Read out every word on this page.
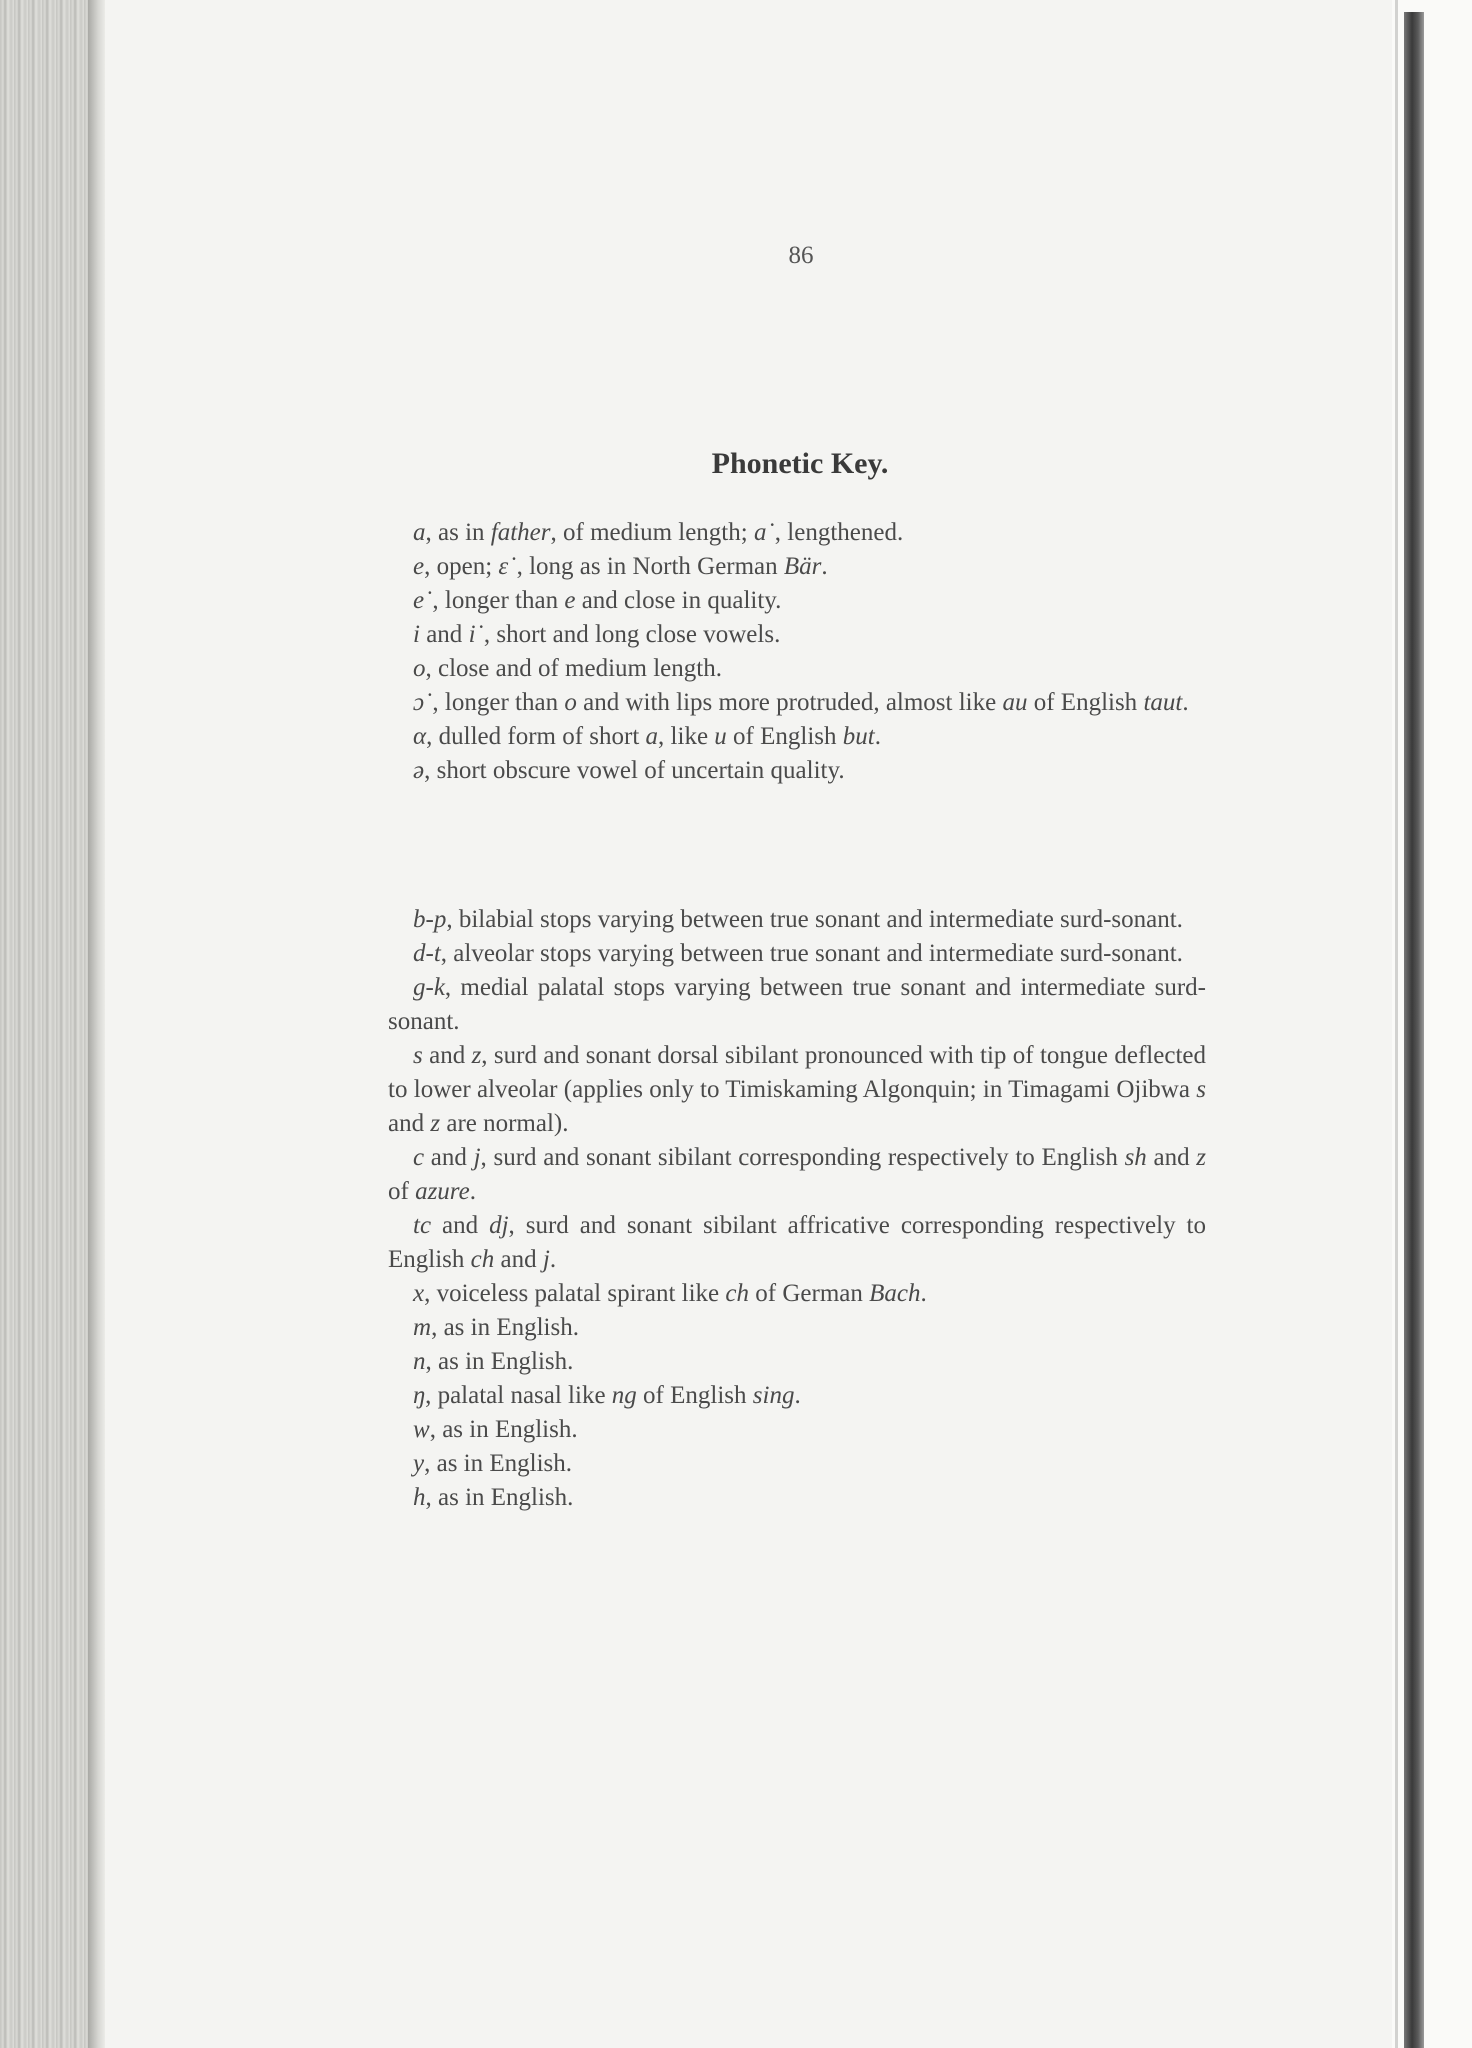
86
Phonetic Key.
a, as in father, of medium length; a˙, lengthened.
e, open; ɛ˙, long as in North German Bär.
e˙, longer than e and close in quality.
i and i˙, short and long close vowels.
o, close and of medium length.
ɔ˙, longer than o and with lips more protruded, almost like au of English taut.
α, dulled form of short a, like u of English but.
ə, short obscure vowel of uncertain quality.
b-p, bilabial stops varying between true sonant and intermediate surd-sonant.
d-t, alveolar stops varying between true sonant and intermediate surd-sonant.
g-k, medial palatal stops varying between true sonant and intermediate surd-sonant.
s and z, surd and sonant dorsal sibilant pronounced with tip of tongue deflected to lower alveolar (applies only to Timiskaming Algonquin; in Timagami Ojibwa s and z are normal).
c and j, surd and sonant sibilant corresponding respectively to English sh and z of azure.
tc and dj, surd and sonant sibilant affricative corresponding respectively to English ch and j.
x, voiceless palatal spirant like ch of German Bach.
m, as in English.
n, as in English.
ŋ, palatal nasal like ng of English sing.
w, as in English.
y, as in English.
h, as in English.
